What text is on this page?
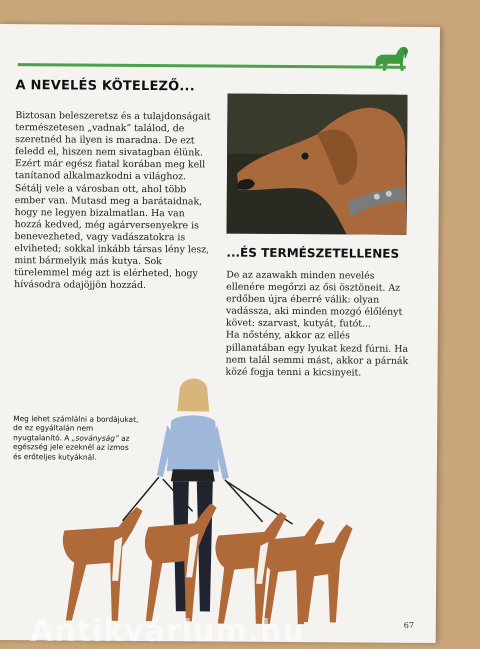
A NEVELÉS KÖTELEZŐ...

Biztosan beleszeretsz és a tulajdonságait természetesen „vadnak” találod, de szeretnéd ha ilyen is maradna. De ezt feledd el, hiszen nem sivatagban élünk. Ezért már egész fiatal korában meg kell tanítanod alkalmazkodni a világhoz. Sétálj vele a városban ott, ahol több ember van. Mutasd meg a barátaidnak, hogy ne legyen bizalmatlan. Ha van hozzá kedved, még agárversenyekre is benevezheted, vagy vadászatokra is elviheted; sokkal inkább társas lény lesz, mint bármelyik más kutya. Sok türelemmel még azt is elérheted, hogy hívásodra odajöjjön hozzád.

...ÉS TERMÉSZETELLENES

De az azawakh minden nevelés ellenére megőrzi az ősi ösztöneit. Az erdőben újra éberré válik: olyan vadássza, aki minden mozgó élőlényt követ: szarvast, kutyát, futót...

Ha nőstény, akkor az ellés pillanatában egy lyukat kezd fúrni. Ha nem talál semmi mást, akkor a párnák közé fogja tenni a kicsinyeit.

Meg lehet számlálni a bordájukat, de ez egyáltalán nem nyugtalanító. A „soványság” az egészség jele ezeknél az izmos és erőteljes kutyáknál.
67
Antikvárium.hu
